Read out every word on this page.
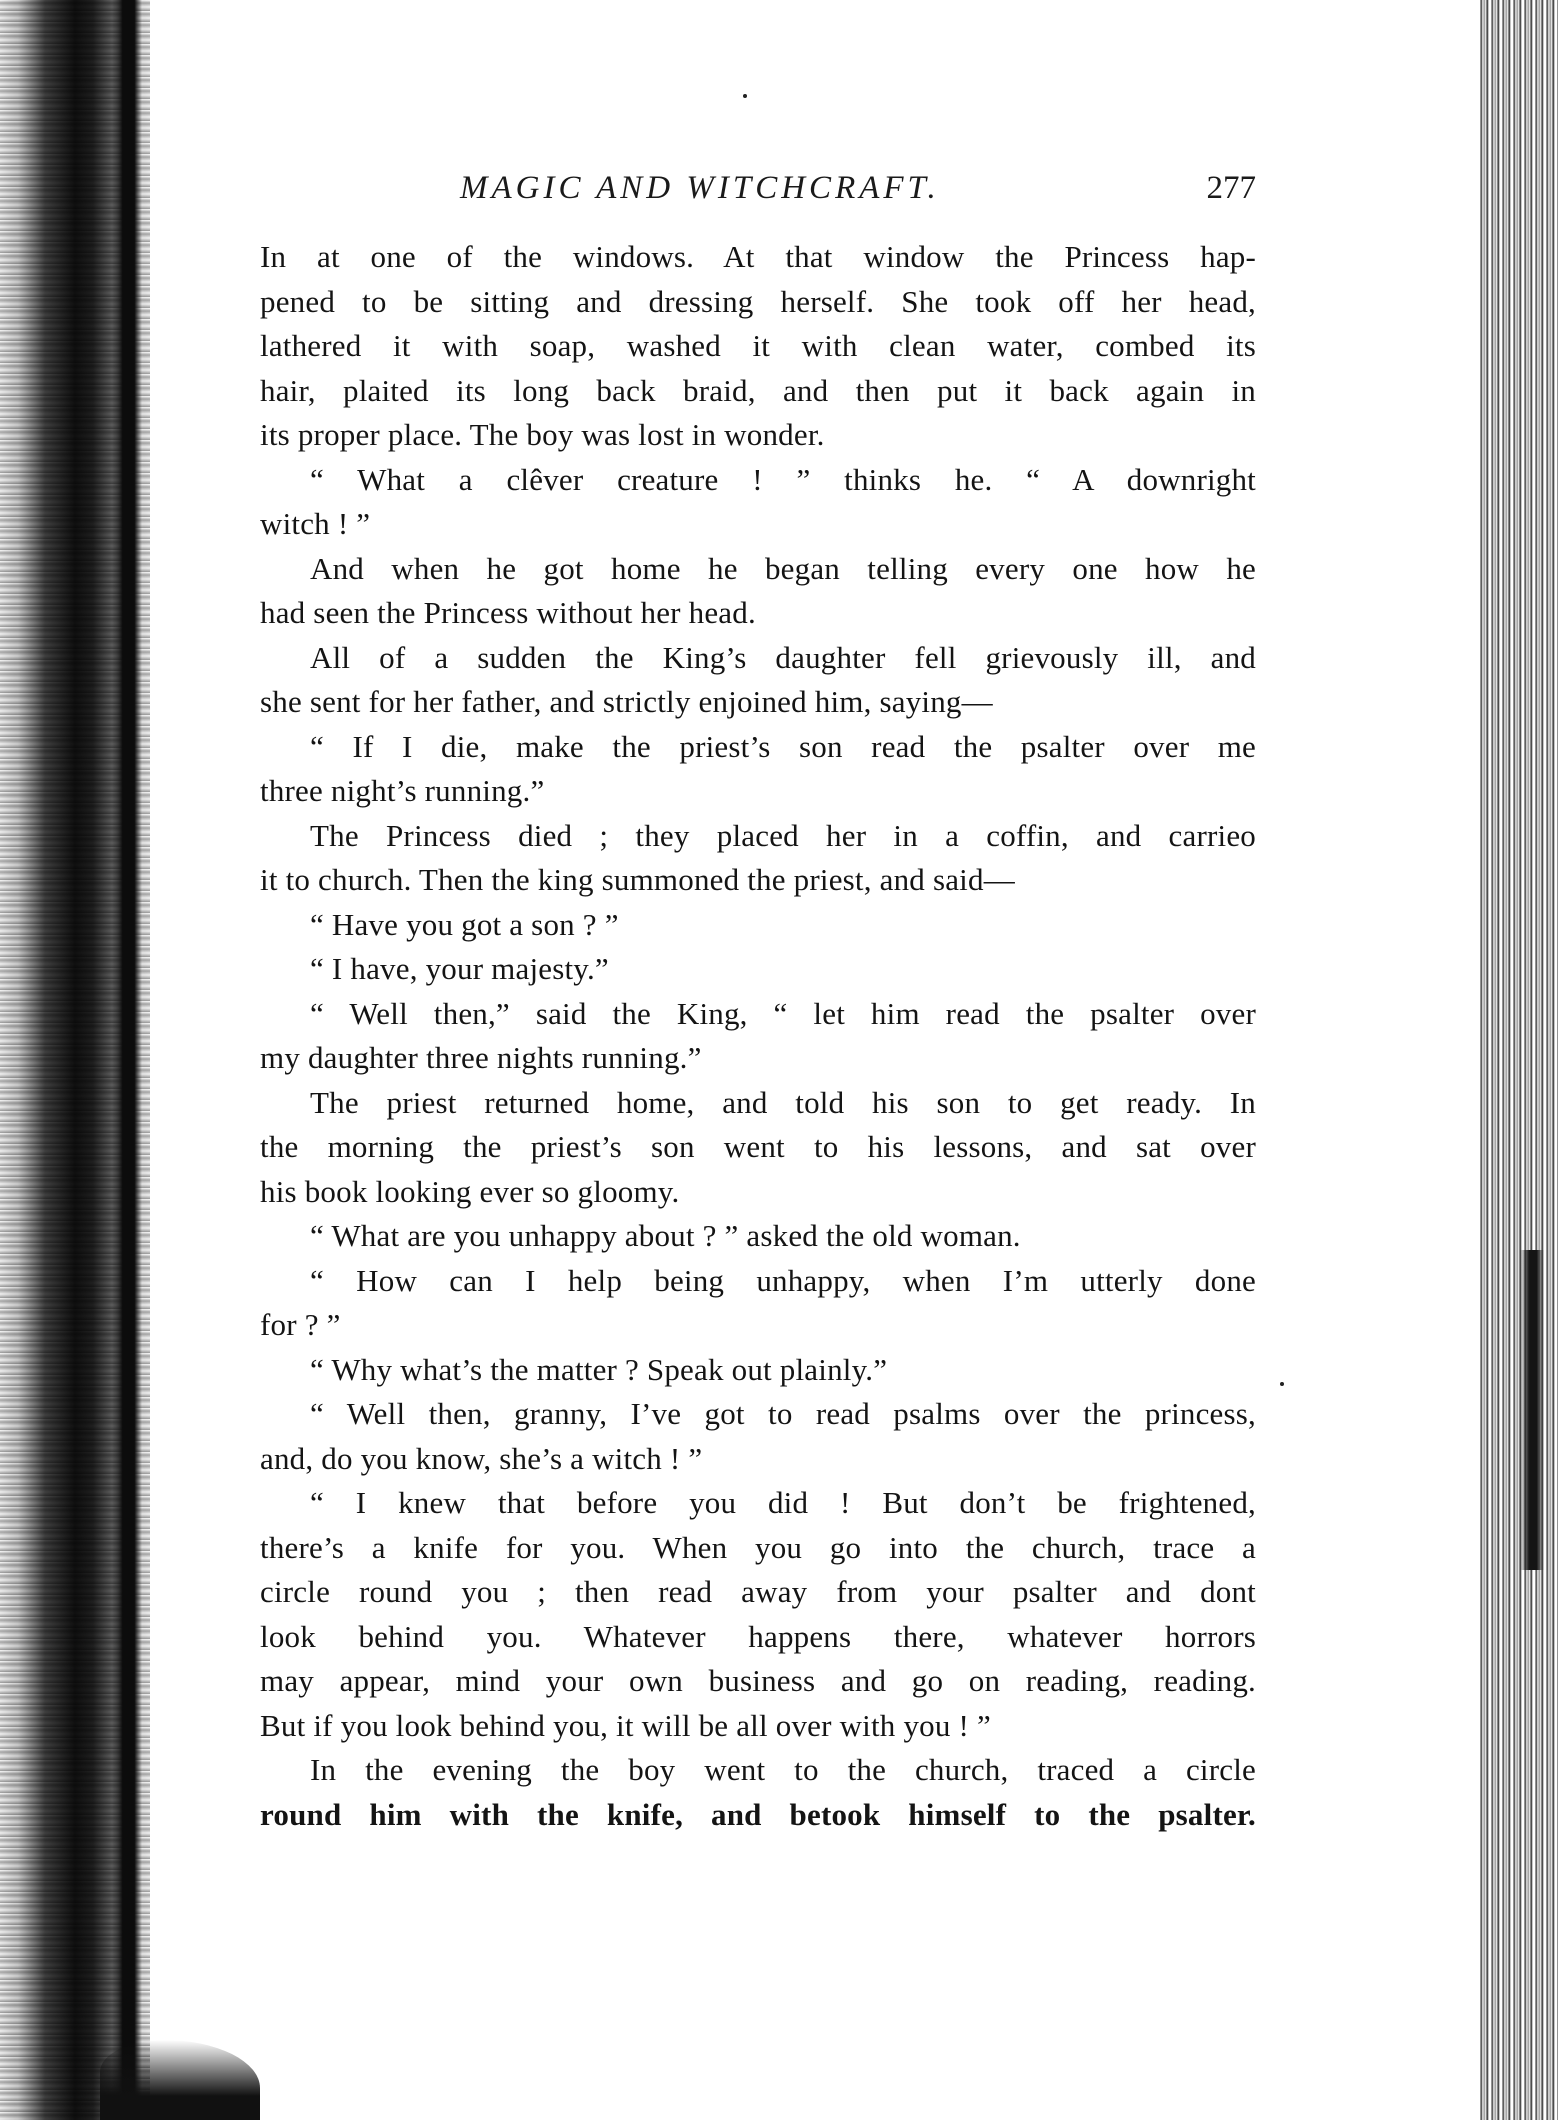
MAGIC AND WITCHCRAFT.	277
In at one of the windows. At that window the Princess hap-
pened to be sitting and dressing herself. She took off her head,
lathered it with soap, washed it with clean water, combed its
hair, plaited its long back braid, and then put it back again in
its proper place. The boy was lost in wonder.
“ What a clêver creature ! ” thinks he. “ A downright
witch ! ”
And when he got home he began telling every one how he
had seen the Princess without her head.
All of a sudden the King’s daughter fell grievously ill, and
she sent for her father, and strictly enjoined him, saying—
“ If I die, make the priest’s son read the psalter over me
three night’s running.”
The Princess died ; they placed her in a coffin, and carrieo
it to church. Then the king summoned the priest, and said—
“ Have you got a son ? ”
“ I have, your majesty.”
“ Well then,” said the King, “ let him read the psalter over
my daughter three nights running.”
The priest returned home, and told his son to get ready. In
the morning the priest’s son went to his lessons, and sat over
his book looking ever so gloomy.
“ What are you unhappy about ? ” asked the old woman.
“ How can I help being unhappy, when I’m utterly done
for ? ”
“ Why what’s the matter ? Speak out plainly.”
“ Well then, granny, I’ve got to read psalms over the princess,
and, do you know, she’s a witch ! ”
“ I knew that before you did ! But don’t be frightened,
there’s a knife for you. When you go into the church, trace a
circle round you ; then read away from your psalter and dont
look behind you. Whatever happens there, whatever horrors
may appear, mind your own business and go on reading, reading.
But if you look behind you, it will be all over with you ! ”
In the evening the boy went to the church, traced a circle
round him with the knife, and betook himself to the psalter.
